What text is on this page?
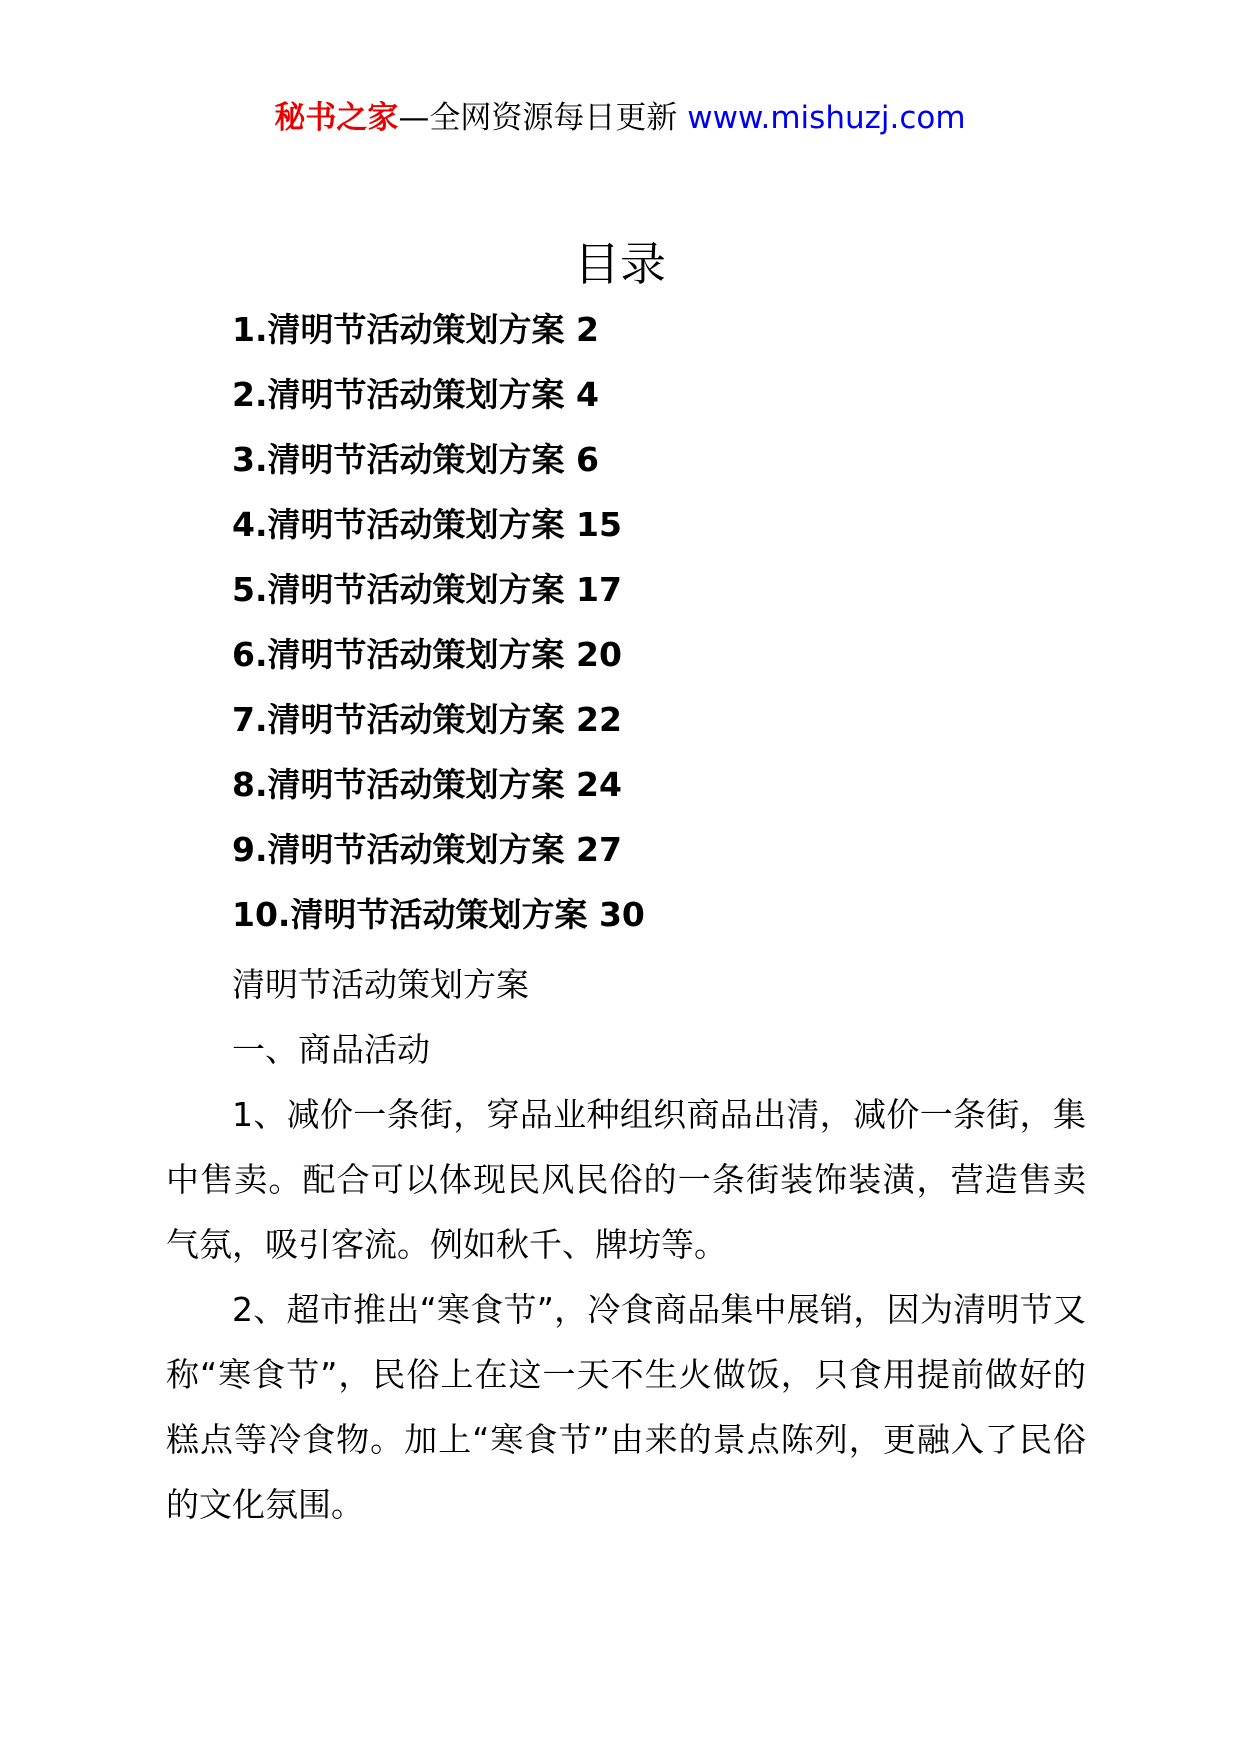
秘书之家—全网资源每日更新 www.mishuzj.com
目录
1.清明节活动策划方案 2
2.清明节活动策划方案 4
3.清明节活动策划方案 6
4.清明节活动策划方案 15
5.清明节活动策划方案 17
6.清明节活动策划方案 20
7.清明节活动策划方案 22
8.清明节活动策划方案 24
9.清明节活动策划方案 27
10.清明节活动策划方案 30

清明节活动策划方案

一、商品活动

1、减价一条街，穿品业种组织商品出清，减价一条街，集中售卖。配合可以体现民风民俗的一条街装饰装潢，营造售卖气氛，吸引客流。例如秋千、牌坊等。

2、超市推出“寒食节”，冷食商品集中展销，因为清明节又称“寒食节”，民俗上在这一天不生火做饭，只食用提前做好的糕点等冷食物。加上“寒食节”由来的景点陈列，更融入了民俗的文化氛围。
